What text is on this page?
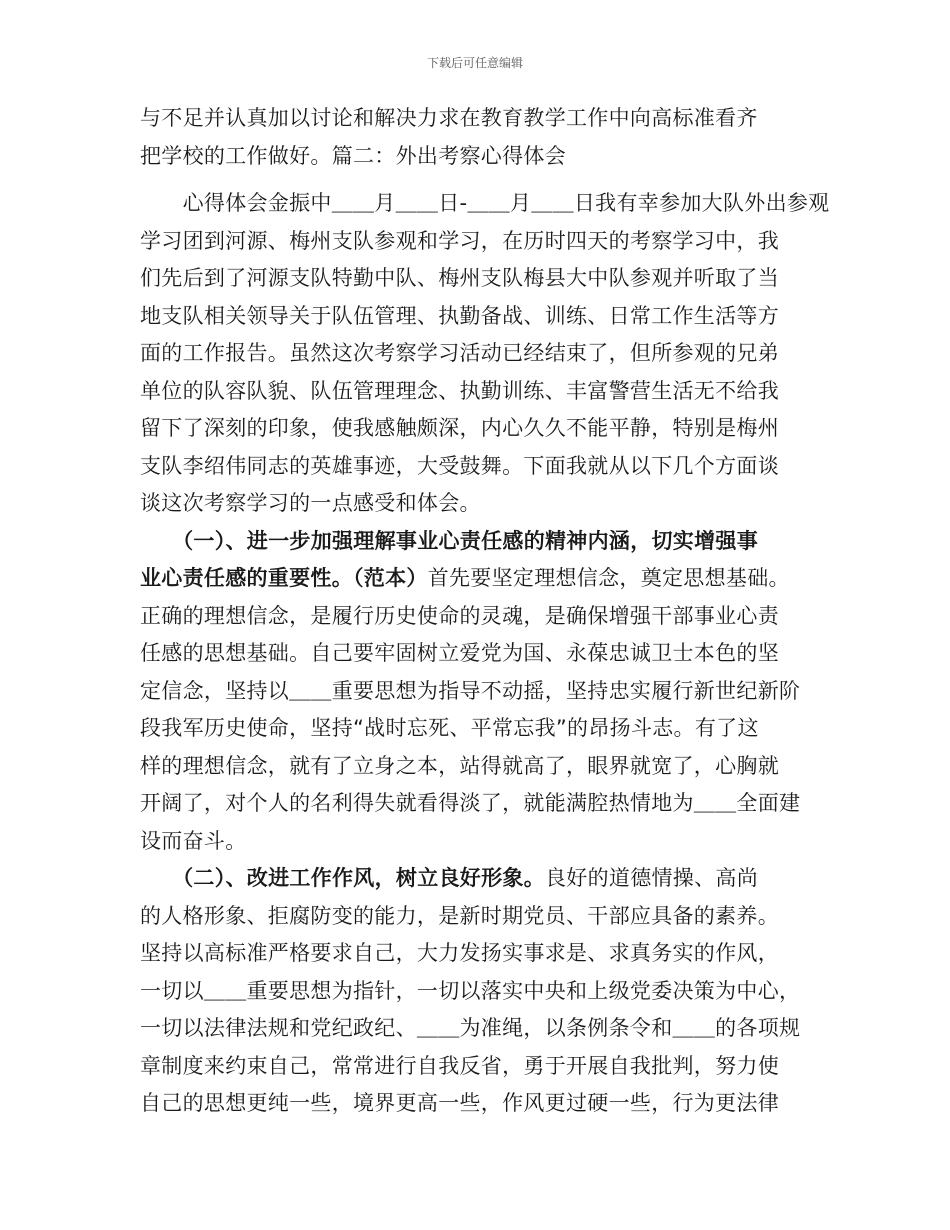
下载后可任意编辑
与不足并认真加以讨论和解决力求在教育教学工作中向高标准看齐
把学校的工作做好。篇二：外出考察心得体会
　　心得体会金振中＿＿月＿＿日-＿＿月＿＿日我有幸参加大队外出参观
学习团到河源、梅州支队参观和学习，在历时四天的考察学习中，我
们先后到了河源支队特勤中队、梅州支队梅县大中队参观并听取了当
地支队相关领导关于队伍管理、执勤备战、训练、日常工作生活等方
面的工作报告。虽然这次考察学习活动已经结束了，但所参观的兄弟
单位的队容队貌、队伍管理理念、执勤训练、丰富警营生活无不给我
留下了深刻的印象，使我感触颇深，内心久久不能平静，特别是梅州
支队李绍伟同志的英雄事迹，大受鼓舞。下面我就从以下几个方面谈
谈这次考察学习的一点感受和体会。
　　（一）、进一步加强理解事业心责任感的精神内涵，切实增强事
业心责任感的重要性。（范本）首先要坚定理想信念，奠定思想基础。
正确的理想信念，是履行历史使命的灵魂，是确保增强干部事业心责
任感的思想基础。自己要牢固树立爱党为国、永葆忠诚卫士本色的坚
定信念，坚持以＿＿重要思想为指导不动摇，坚持忠实履行新世纪新阶
段我军历史使命，坚持“战时忘死、平常忘我”的昂扬斗志。有了这
样的理想信念，就有了立身之本，站得就高了，眼界就宽了，心胸就
开阔了，对个人的名利得失就看得淡了，就能满腔热情地为＿＿全面建
设而奋斗。
　　（二）、改进工作作风，树立良好形象。良好的道德情操、高尚
的人格形象、拒腐防变的能力，是新时期党员、干部应具备的素养。
坚持以高标准严格要求自己，大力发扬实事求是、求真务实的作风，
一切以＿＿重要思想为指针，一切以落实中央和上级党委决策为中心，
一切以法律法规和党纪政纪、＿＿为准绳，以条例条令和＿＿的各项规
章制度来约束自己，常常进行自我反省，勇于开展自我批判，努力使
自己的思想更纯一些，境界更高一些，作风更过硬一些，行为更法律
